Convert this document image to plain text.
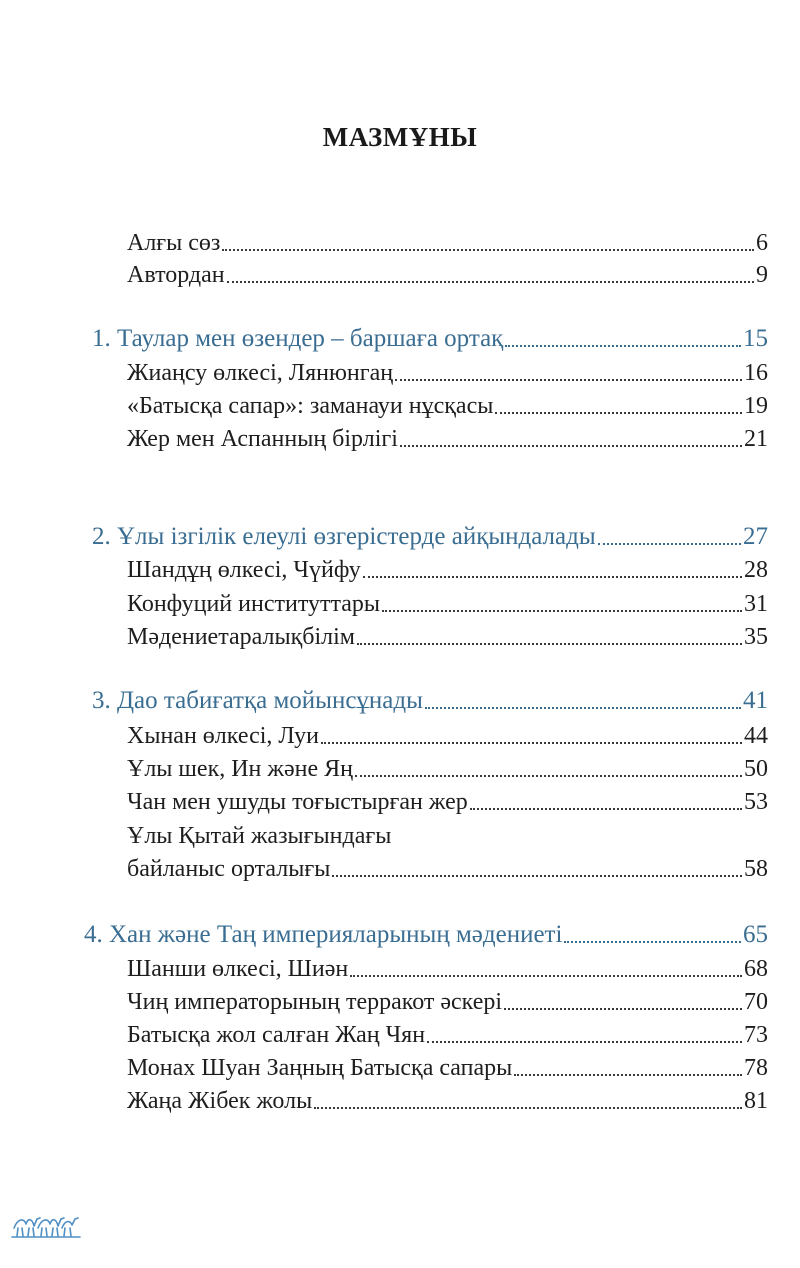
МАЗМҰНЫ
Алғы сөз	6
Автордан	9
1. Таулар мен өзендер – баршаға ортақ	15
Жиаңсу өлкесі, Лянюнгаң	16
«Батысқа сапар»: заманауи нұсқасы	19
Жер мен Аспанның бірлігі	21
2. Ұлы ізгілік елеулі өзгерістерде айқындалады	27
Шандұң өлкесі, Чүйфу	28
Конфуций институттары	31
Мәдениетаралықбілім	35
3. Дао табиғатқа мойынсұнады	41
Хынан өлкесі, Луи	44
Ұлы шек, Ин және Яң	50
Чан мен ушуды тоғыстырған жер	53
Ұлы Қытай жазығындағы
байланыс орталығы	58
4. Хан және Таң империяларының мәдениеті	65
Шанши өлкесі, Шиән	68
Чиң императорының терракот әскері	70
Батысқа жол салған Жаң Чян	73
Монах Шуан Заңның Батысқа сапары	78
Жаңа Жібек жолы	81
